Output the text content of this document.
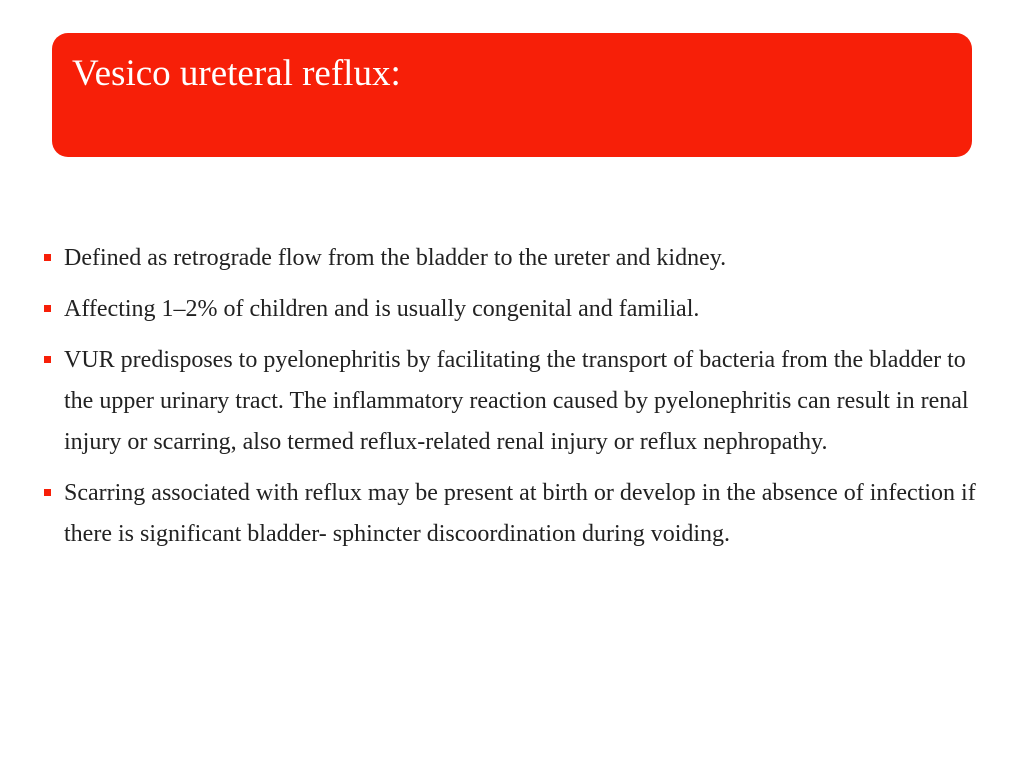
Vesico ureteral reflux:
Defined as retrograde flow from the bladder to the ureter and kidney.
Affecting 1–2% of children and is usually congenital and familial.
VUR predisposes to pyelonephritis by facilitating the transport of bacteria from the bladder to the upper urinary tract. The inflammatory reaction caused by pyelonephritis can result in renal injury or scarring, also termed reflux-related renal injury or reflux nephropathy.
Scarring associated with reflux may be present at birth or develop in the absence of infection if there is significant bladder- sphincter discoordination during voiding.
